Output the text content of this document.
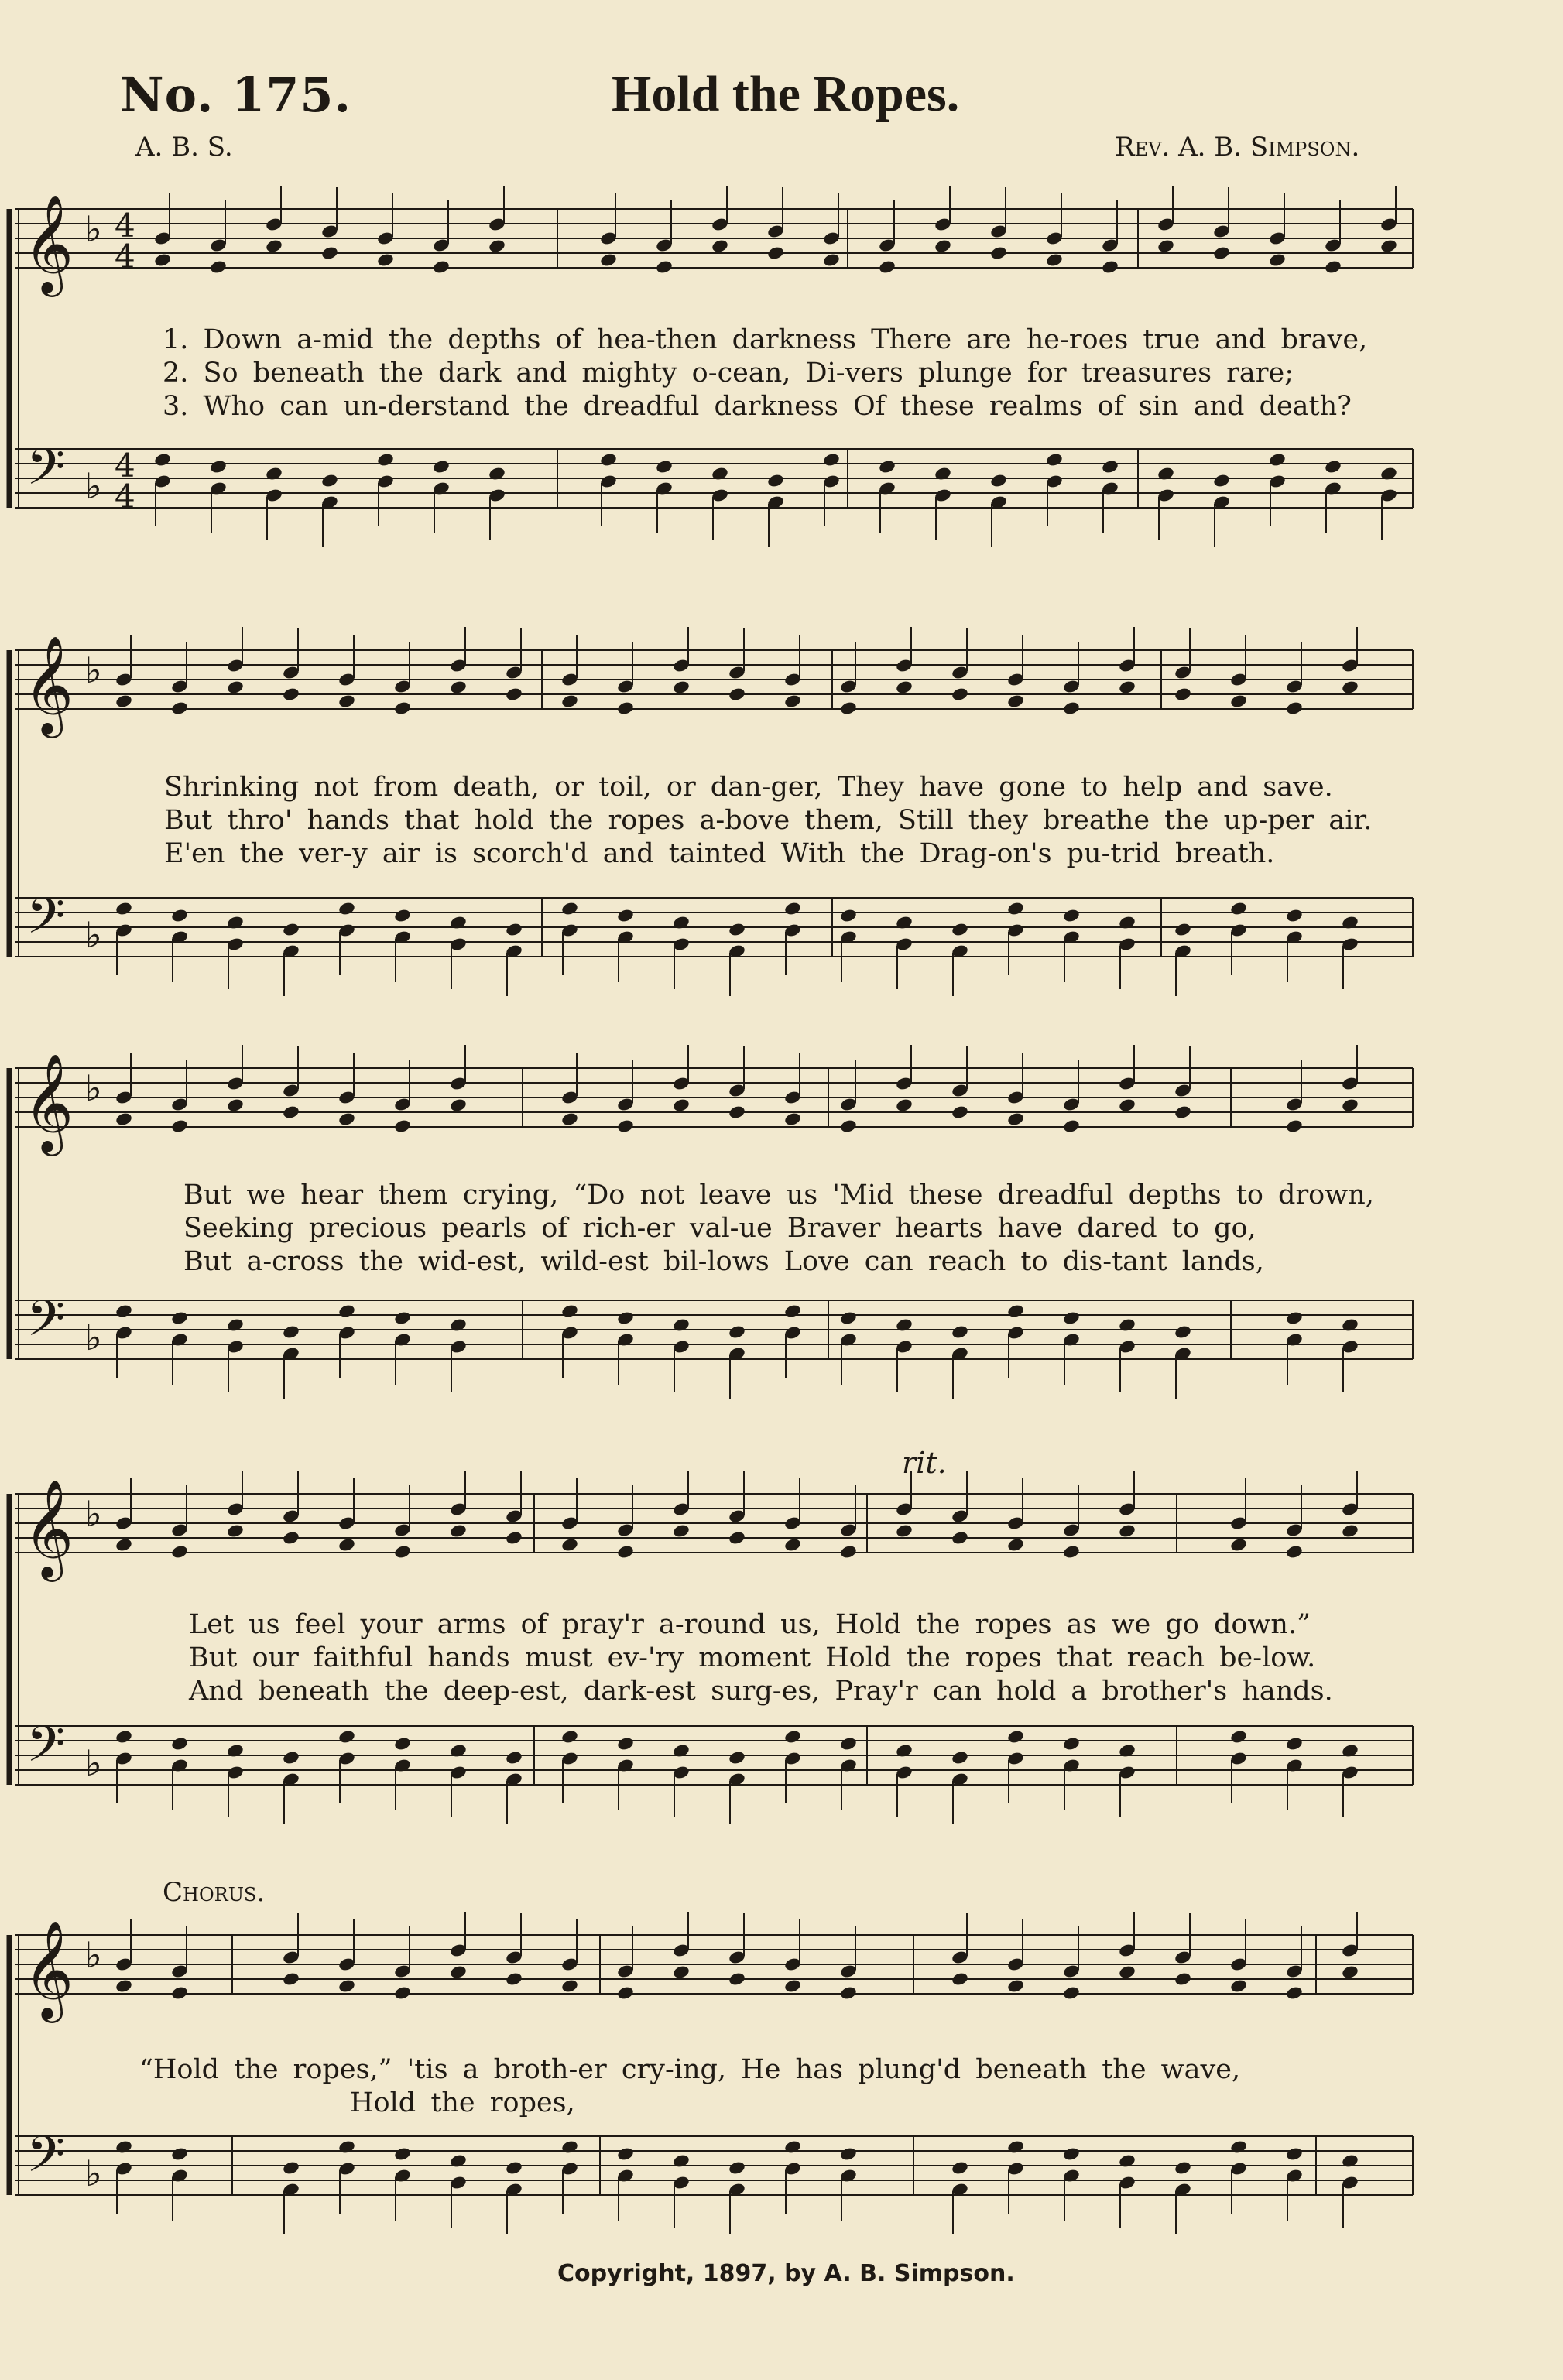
No. 175.	Hold the Ropes.
A. B. S.	Rev. A. B. Simpson.
𝄞
𝄢
♭
♭
4
4
4
4
1. Down a-mid the depths of hea-then darkness There are he-roes true and brave,
2. So beneath the dark and mighty o-cean, Di-vers plunge for treasures rare;
3. Who can un-derstand the dreadful darkness Of these realms of sin and death?
𝄞
𝄢
♭
♭
Shrinking not from death, or toil, or dan-ger, They have gone to help and save.
But thro' hands that hold the ropes a-bove them, Still they breathe the up-per air.
E'en the ver-y air is scorch'd and tainted With the Drag-on's pu-trid breath.
𝄞
𝄢
♭
♭
But we hear them crying, “Do not leave us 'Mid these dreadful depths to drown,
Seeking precious pearls of rich-er val-ue Braver hearts have dared to go,
But a-cross the wid-est, wild-est bil-lows Love can reach to dis-tant lands,
rit.
𝄞
𝄢
♭
♭
Let us feel your arms of pray'r a-round us, Hold the ropes as we go down.”
But our faithful hands must ev-'ry moment Hold the ropes that reach be-low.
And beneath the deep-est, dark-est surg-es, Pray'r can hold a brother's hands.
Chorus.
𝄞
𝄢
♭
♭
“Hold the ropes,” 'tis a broth-er cry-ing, He has plung'd beneath the wave,
Hold the ropes,
Copyright, 1897, by A. B. Simpson.
